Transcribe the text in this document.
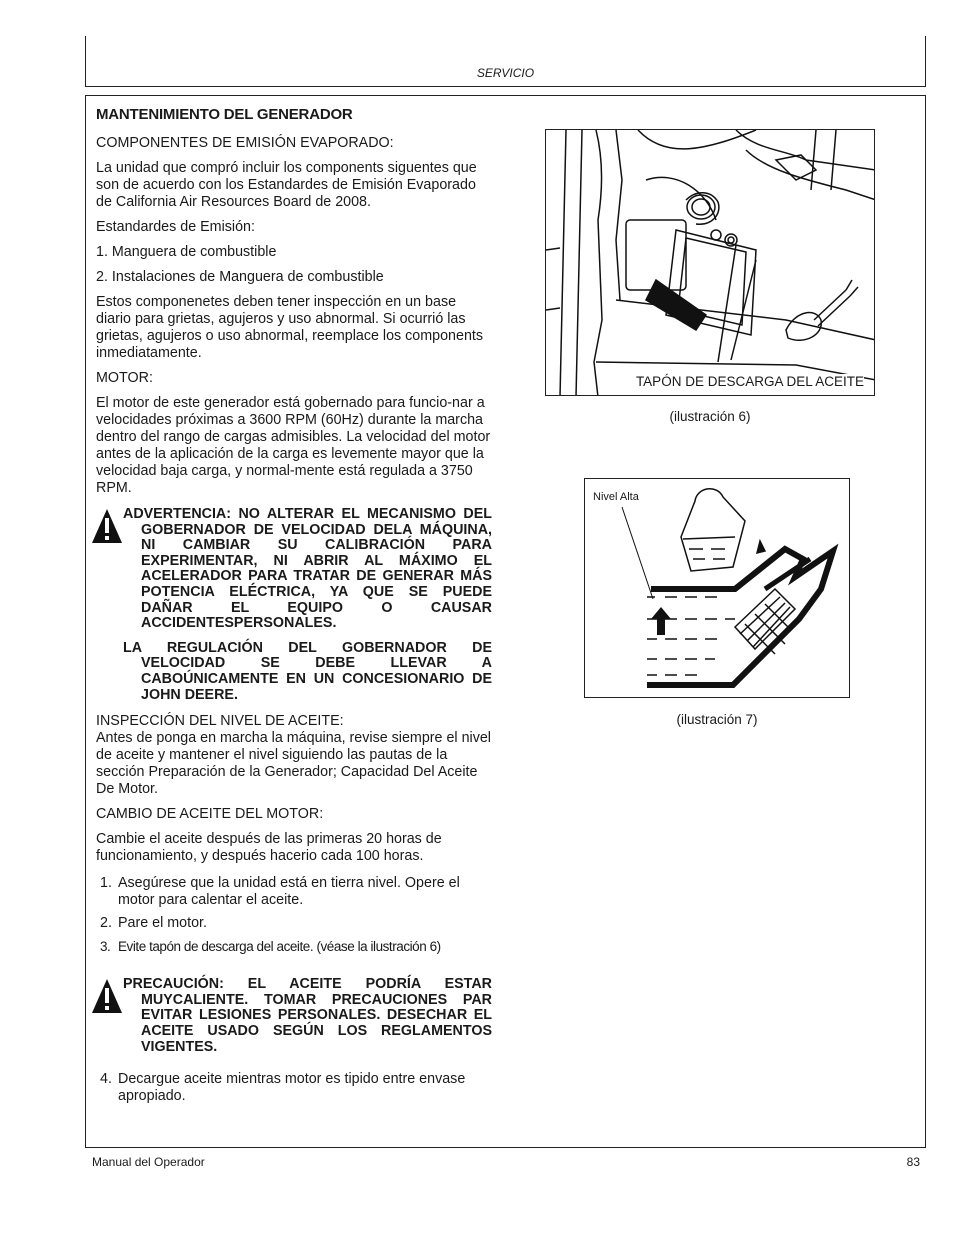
SERVICIO
MANTENIMIENTO DEL GENERADOR

COMPONENTES DE EMISIÓN EVAPORADO:

La unidad que compró incluir los components siguentes que son de acuerdo con los Estandardes de Emisión Evaporado de California Air Resources Board de 2008.

Estandardes de Emisión:

1. Manguera de combustible

2. Instalaciones de Manguera de combustible

Estos componenetes deben tener inspección en un base diario para grietas, agujeros y uso abnormal. Si ocurrió las grietas, agujeros o uso abnormal, reemplace los components inmediatamente.

MOTOR:

El motor de este generador está gobernado para funcio-nar a velocidades próximas a 3600 RPM (60Hz) durante la marcha dentro del rango de cargas admisibles. La velocidad del motor antes de la aplicación de la carga es levemente mayor que la velocidad baja carga, y normal-mente está regulada a 3750 RPM.

ADVERTENCIA: NO ALTERAR EL MECANISMO DEL GOBERNADOR DE VELOCIDAD DELA MÁQUINA, NI CAMBIAR SU CALIBRACIÓN PARA EXPERIMENTAR, NI ABRIR AL MÁXIMO EL ACELERADOR PARA TRATAR DE GENERAR MÁS POTENCIA ELÉCTRICA, YA QUE SE PUEDE DAÑAR EL EQUIPO O CAUSAR ACCIDENTESPERSONALES.
LA REGULACIÓN DEL GOBERNADOR DE VELOCIDAD SE DEBE LLEVAR A CABOÚNICAMENTE EN UN CONCESIONARIO DE JOHN DEERE.

INSPECCIÓN DEL NIVEL DE ACEITE:

Antes de ponga en marcha la máquina, revise siempre el nivel de aceite y mantener el nivel siguiendo las pautas de la sección Preparación de la Generador; Capacidad Del Aceite De Motor.

CAMBIO DE ACEITE DEL MOTOR:

Cambie el aceite después de las primeras 20 horas de funcionamiento, y después hacerio cada 100 horas.

1. Asegúrese que la unidad está en tierra nivel. Opere el motor para calentar el aceite.
2. Pare el motor.
3. Evite tapón de descarga del aceite. (véase la ilustración 6)
PRECAUCIÓN: EL ACEITE PODRÍA ESTAR MUYCALIENTE. TOMAR PRECAUCIONES PAR EVITAR LESIONES PERSONALES. DESECHAR EL ACEITE USADO SEGÚN LOS REGLAMENTOS VIGENTES.
4. Decargue aceite mientras motor es tipido entre envase apropiado.
TAPÓN DE DESCARGA DEL ACEITE
(ilustración 6)
Nivel Alta
(ilustración 7)
Manual del Operador	83
